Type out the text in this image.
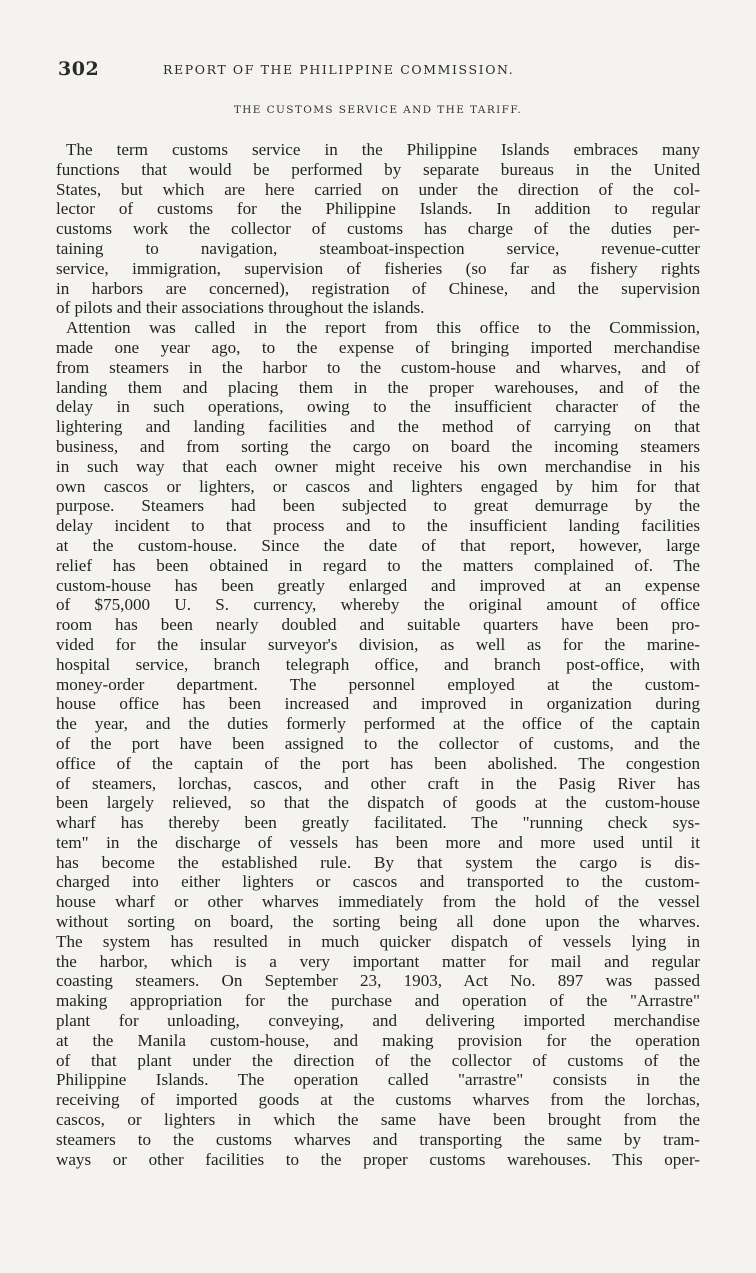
302	REPORT OF THE PHILIPPINE COMMISSION.
THE CUSTOMS SERVICE AND THE TARIFF.
The term customs service in the Philippine Islands embraces many
functions that would be performed by separate bureaus in the United
States, but which are here carried on under the direction of the col-
lector of customs for the Philippine Islands. In addition to regular
customs work the collector of customs has charge of the duties per-
taining to navigation, steamboat-inspection service, revenue-cutter
service, immigration, supervision of fisheries (so far as fishery rights
in harbors are concerned), registration of Chinese, and the supervision
of pilots and their associations throughout the islands.
Attention was called in the report from this office to the Commission,
made one year ago, to the expense of bringing imported merchandise
from steamers in the harbor to the custom-house and wharves, and of
landing them and placing them in the proper warehouses, and of the
delay in such operations, owing to the insufficient character of the
lightering and landing facilities and the method of carrying on that
business, and from sorting the cargo on board the incoming steamers
in such way that each owner might receive his own merchandise in his
own cascos or lighters, or cascos and lighters engaged by him for that
purpose. Steamers had been subjected to great demurrage by the
delay incident to that process and to the insufficient landing facilities
at the custom-house. Since the date of that report, however, large
relief has been obtained in regard to the matters complained of. The
custom-house has been greatly enlarged and improved at an expense
of $75,000 U. S. currency, whereby the original amount of office
room has been nearly doubled and suitable quarters have been pro-
vided for the insular surveyor's division, as well as for the marine-
hospital service, branch telegraph office, and branch post-office, with
money-order department. The personnel employed at the custom-
house office has been increased and improved in organization during
the year, and the duties formerly performed at the office of the captain
of the port have been assigned to the collector of customs, and the
office of the captain of the port has been abolished. The congestion
of steamers, lorchas, cascos, and other craft in the Pasig River has
been largely relieved, so that the dispatch of goods at the custom-house
wharf has thereby been greatly facilitated. The "running check sys-
tem" in the discharge of vessels has been more and more used until it
has become the established rule. By that system the cargo is dis-
charged into either lighters or cascos and transported to the custom-
house wharf or other wharves immediately from the hold of the vessel
without sorting on board, the sorting being all done upon the wharves.
The system has resulted in much quicker dispatch of vessels lying in
the harbor, which is a very important matter for mail and regular
coasting steamers. On September 23, 1903, Act No. 897 was passed
making appropriation for the purchase and operation of the "Arrastre"
plant for unloading, conveying, and delivering imported merchandise
at the Manila custom-house, and making provision for the operation
of that plant under the direction of the collector of customs of the
Philippine Islands. The operation called "arrastre" consists in the
receiving of imported goods at the customs wharves from the lorchas,
cascos, or lighters in which the same have been brought from the
steamers to the customs wharves and transporting the same by tram-
ways or other facilities to the proper customs warehouses. This oper-
